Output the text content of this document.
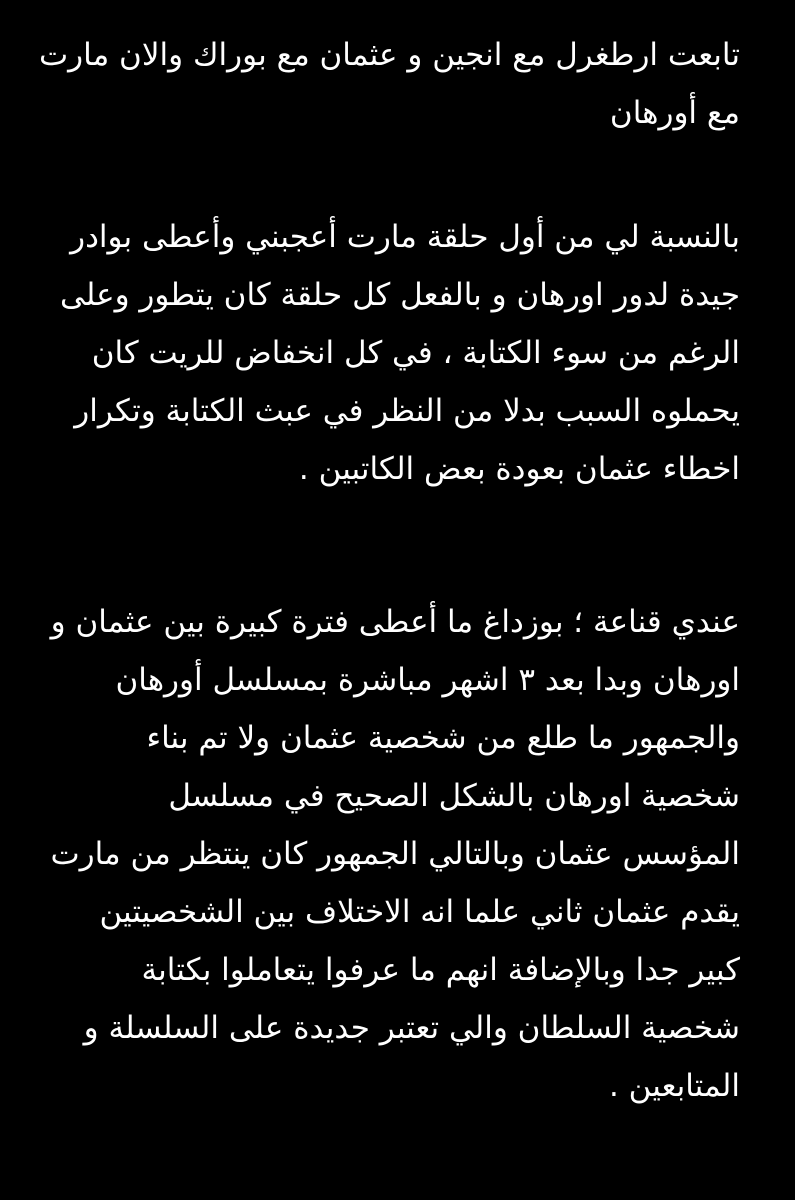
تابعت ارطغرل مع انجين و عثمان مع بوراك والان مارت
مع أورهان
بالنسبة لي من أول حلقة مارت أعجبني وأعطى بوادر
جيدة لدور اورهان و بالفعل كل حلقة كان يتطور وعلى
الرغم من سوء الكتابة ، في كل انخفاض للريت كان
يحملوه السبب بدلا من النظر في عبث الكتابة وتكرار
اخطاء عثمان بعودة بعض الكاتبين .
عندي قناعة ؛ بوزداغ ما أعطى فترة كبيرة بين عثمان و
اورهان وبدا بعد ٣ اشهر مباشرة بمسلسل أورهان
والجمهور ما طلع من شخصية عثمان ولا تم بناء
شخصية اورهان بالشكل الصحيح في مسلسل
المؤسس عثمان وبالتالي الجمهور كان ينتظر من مارت
يقدم عثمان ثاني علما انه الاختلاف بين الشخصيتين
كبير جدا وبالإضافة انهم ما عرفوا يتعاملوا بكتابة
شخصية السلطان والي تعتبر جديدة على السلسلة و
المتابعين .
